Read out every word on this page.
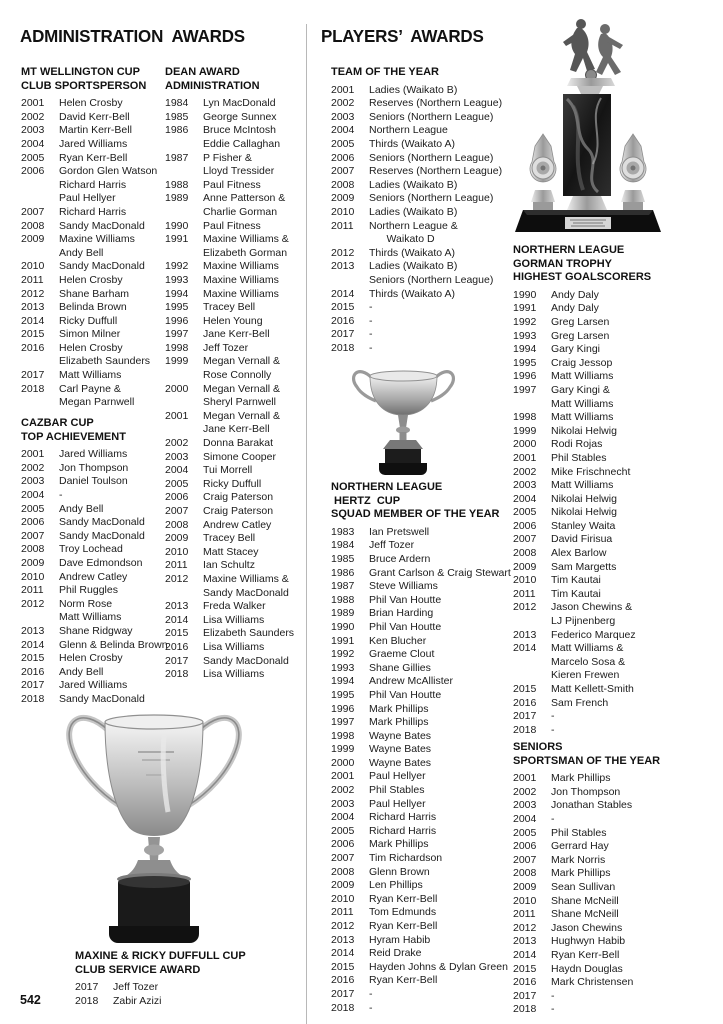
ADMINISTRATION  AWARDS	PLAYERS’  AWARDS
MT WELLINGTON CUP
CLUB SPORTSPERSON
2001	Helen Crosby
2002	David Kerr-Bell
2003	Martin Kerr-Bell
2004	Jared Williams
2005	Ryan Kerr-Bell
2006	Gordon Glen Watson
Richard Harris
Paul Hellyer
2007	Richard Harris
2008	Sandy MacDonald
2009	Maxine Williams
Andy Bell
2010	Sandy MacDonald
2011	Helen Crosby
2012	Shane Barham
2013	Belinda Brown
2014	Ricky Duffull
2015	Simon Milner
2016	Helen Crosby
Elizabeth Saunders
2017	Matt Williams
2018	Carl Payne &
Megan Parnwell
CAZBAR CUP
TOP ACHIEVEMENT
2001	Jared Williams
2002	Jon Thompson
2003	Daniel Toulson
2004	-
2005	Andy Bell
2006	Sandy MacDonald
2007	Sandy MacDonald
2008	Troy Lochead
2009	Dave Edmondson
2010	Andrew Catley
2011	Phil Ruggles
2012	Norm Rose
Matt Williams
2013	Shane Ridgway
2014	Glenn & Belinda Brown
2015	Helen Crosby
2016	Andy Bell
2017	Jared Williams
2018	Sandy MacDonald
DEAN AWARD
ADMINISTRATION
1984	Lyn MacDonald
1985	George Sunnex
1986	Bruce McIntosh
Eddie Callaghan
1987	P Fisher &
Lloyd Tressider
1988	Paul Fitness
1989	Anne Patterson &
Charlie Gorman
1990	Paul Fitness
1991	Maxine Williams &
Elizabeth Gorman
1992	Maxine Williams
1993	Maxine Williams
1994	Maxine Williams
1995	Tracey Bell
1996	Helen Young
1997	Jane Kerr-Bell
1998	Jeff Tozer
1999	Megan Vernall &
Rose Connolly
2000	Megan Vernall &
Sheryl Parnwell
2001	Megan Vernall &
Jane Kerr-Bell
2002	Donna Barakat
2003	Simone Cooper
2004	Tui Morrell
2005	Ricky Duffull
2006	Craig Paterson
2007	Craig Paterson
2008	Andrew Catley
2009	Tracey Bell
2010	Matt Stacey
2011	Ian Schultz
2012	Maxine Williams &
Sandy MacDonald
2013	Freda Walker
2014	Lisa Williams
2015	Elizabeth Saunders
2016	Lisa Williams
2017	Sandy MacDonald
2018	Lisa Williams
TEAM OF THE YEAR
2001	Ladies (Waikato B)
2002	Reserves (Northern League)
2003	Seniors (Northern League)
2004	Northern League
2005	Thirds (Waikato A)
2006	Seniors (Northern League)
2007	Reserves (Northern League)
2008	Ladies (Waikato B)
2009	Seniors (Northern League)
2010	Ladies (Waikato B)
2011	Northern League &
Waikato D
2012	Thirds (Waikato A)
2013	Ladies (Waikato B)
Seniors (Northern League)
2014	Thirds (Waikato A)
2015	-
2016	-
2017	-
2018	-
NORTHERN LEAGUE
HERTZ  CUP
SQUAD MEMBER OF THE YEAR
1983	Ian Pretswell
1984	Jeff Tozer
1985	Bruce Ardern
1986	Grant Carlson & Craig Stewart
1987	Steve Williams
1988	Phil Van Houtte
1989	Brian Harding
1990	Phil Van Houtte
1991	Ken Blucher
1992	Graeme Clout
1993	Shane Gillies
1994	Andrew McAllister
1995	Phil Van Houtte
1996	Mark Phillips
1997	Mark Phillips
1998	Wayne Bates
1999	Wayne Bates
2000	Wayne Bates
2001	Paul Hellyer
2002	Phil Stables
2003	Paul Hellyer
2004	Richard Harris
2005	Richard Harris
2006	Mark Phillips
2007	Tim Richardson
2008	Glenn Brown
2009	Len Phillips
2010	Ryan Kerr-Bell
2011	Tom Edmunds
2012	Ryan Kerr-Bell
2013	Hyram Habib
2014	Reid Drake
2015	Hayden Johns & Dylan Green
2016	Ryan Kerr-Bell
2017	-
2018	-
NORTHERN LEAGUE
GORMAN TROPHY
HIGHEST GOALSCORERS
1990	Andy Daly
1991	Andy Daly
1992	Greg Larsen
1993	Greg Larsen
1994	Gary Kingi
1995	Craig Jessop
1996	Matt Williams
1997	Gary Kingi &
Matt Williams
1998	Matt Williams
1999	Nikolai Helwig
2000	Rodi Rojas
2001	Phil Stables
2002	Mike Frischnecht
2003	Matt Williams
2004	Nikolai Helwig
2005	Nikolai Helwig
2006	Stanley Waita
2007	David Firisua
2008	Alex Barlow
2009	Sam Margetts
2010	Tim Kautai
2011	Tim Kautai
2012	Jason Chewins &
LJ Pijnenberg
2013	Federico Marquez
2014	Matt Williams &
Marcelo Sosa &
Kieren Frewen
2015	Matt Kellett-Smith
2016	Sam French
2017	-
2018	-
SENIORS
SPORTSMAN OF THE YEAR
2001	Mark Phillips
2002	Jon Thompson
2003	Jonathan Stables
2004	-
2005	Phil Stables
2006	Gerrard Hay
2007	Mark Norris
2008	Mark Phillips
2009	Sean Sullivan
2010	Shane McNeill
2011	Shane McNeill
2012	Jason Chewins
2013	Hughwyn Habib
2014	Ryan Kerr-Bell
2015	Haydn Douglas
2016	Mark Christensen
2017	-
2018	-
MAXINE & RICKY DUFFULL CUP
CLUB SERVICE AWARD
2017	Jeff Tozer
2018	Zabir Azizi
542
